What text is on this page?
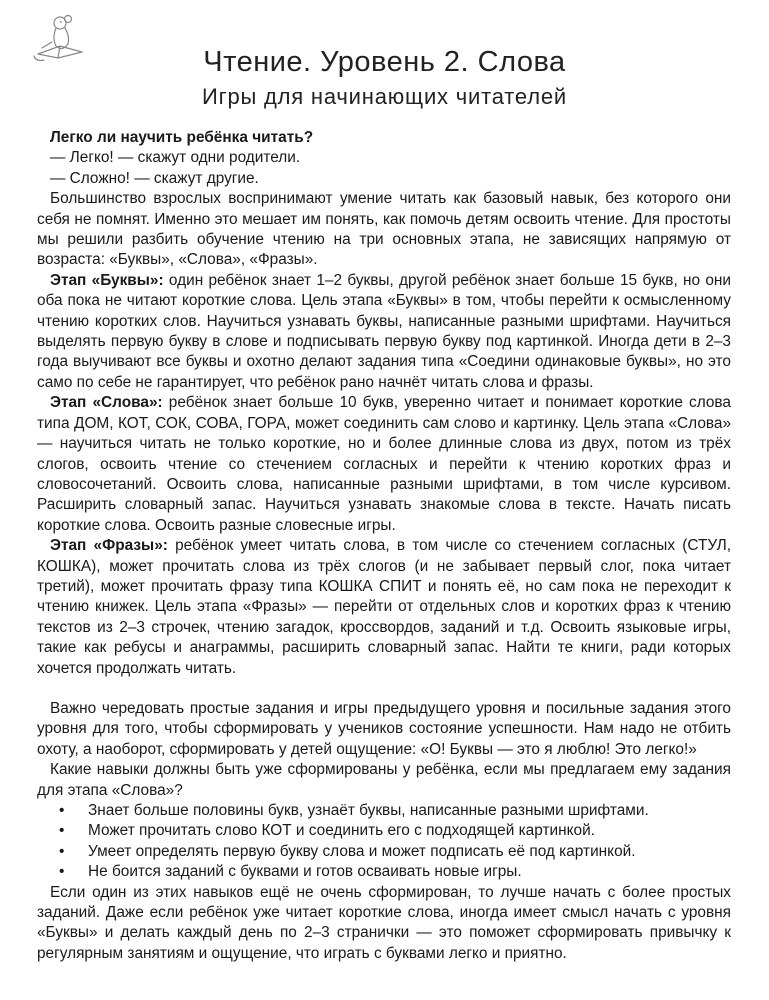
Чтение. Уровень 2. Слова
Игры для начинающих читателей

Легко ли научить ребёнка читать?

— Легко! — скажут одни родители.

— Сложно! — скажут другие.

Большинство взрослых воспринимают умение читать как базовый навык, без которого они себя не помнят. Именно это мешает им понять, как помочь детям освоить чтение. Для простоты мы решили разбить обучение чтению на три основных этапа, не зависящих напрямую от возраста: «Буквы», «Слова», «Фразы».

Этап «Буквы»: один ребёнок знает 1–2 буквы, другой ребёнок знает больше 15 букв, но они оба пока не читают короткие слова. Цель этапа «Буквы» в том, чтобы перейти к осмысленному чтению коротких слов. Научиться узнавать буквы, написанные разными шрифтами. Научиться выделять первую букву в слове и подписывать первую букву под картинкой. Иногда дети в 2–3 года выучивают все буквы и охотно делают задания типа «Соедини одинаковые буквы», но это само по себе не гарантирует, что ребёнок рано начнёт читать слова и фразы.

Этап «Слова»: ребёнок знает больше 10 букв, уверенно читает и понимает короткие слова типа ДОМ, КОТ, СОК, СОВА, ГОРА, может соединить сам слово и картинку. Цель этапа «Слова» — научиться читать не только короткие, но и более длинные слова из двух, потом из трёх слогов, освоить чтение со стечением согласных и перейти к чтению коротких фраз и словосочетаний. Освоить слова, написанные разными шрифтами, в том числе курсивом. Расширить словарный запас. Научиться узнавать знакомые слова в тексте. Начать писать короткие слова. Освоить разные словесные игры.

Этап «Фразы»: ребёнок умеет читать слова, в том числе со стечением согласных (СТУЛ, КОШКА), может прочитать слова из трёх слогов (и не забывает первый слог, пока читает третий), может прочитать фразу типа КОШКА СПИТ и понять её, но сам пока не переходит к чтению книжек. Цель этапа «Фразы» — перейти от отдельных слов и коротких фраз к чтению текстов из 2–3 строчек, чтению загадок, кроссвордов, заданий и т.д. Освоить языковые игры, такие как ребусы и анаграммы, расширить словарный запас. Найти те книги, ради которых хочется продолжать читать.

Важно чередовать простые задания и игры предыдущего уровня и посильные задания этого уровня для того, чтобы сформировать у учеников состояние успешности. Нам надо не отбить охоту, а наоборот, сформировать у детей ощущение: «О! Буквы — это я люблю! Это легко!»

Какие навыки должны быть уже сформированы у ребёнка, если мы предлагаем ему задания для этапа «Слова»?

• Знает больше половины букв, узнаёт буквы, написанные разными шрифтами.
• Может прочитать слово КОТ и соединить его с подходящей картинкой.
• Умеет определять первую букву слова и может подписать её под картинкой.
• Не боится заданий с буквами и готов осваивать новые игры.

Если один из этих навыков ещё не очень сформирован, то лучше начать с более простых заданий. Даже если ребёнок уже читает короткие слова, иногда имеет смысл начать с уровня «Буквы» и делать каждый день по 2–3 странички — это поможет сформировать привычку к регулярным занятиям и ощущение, что играть с буквами легко и приятно.
